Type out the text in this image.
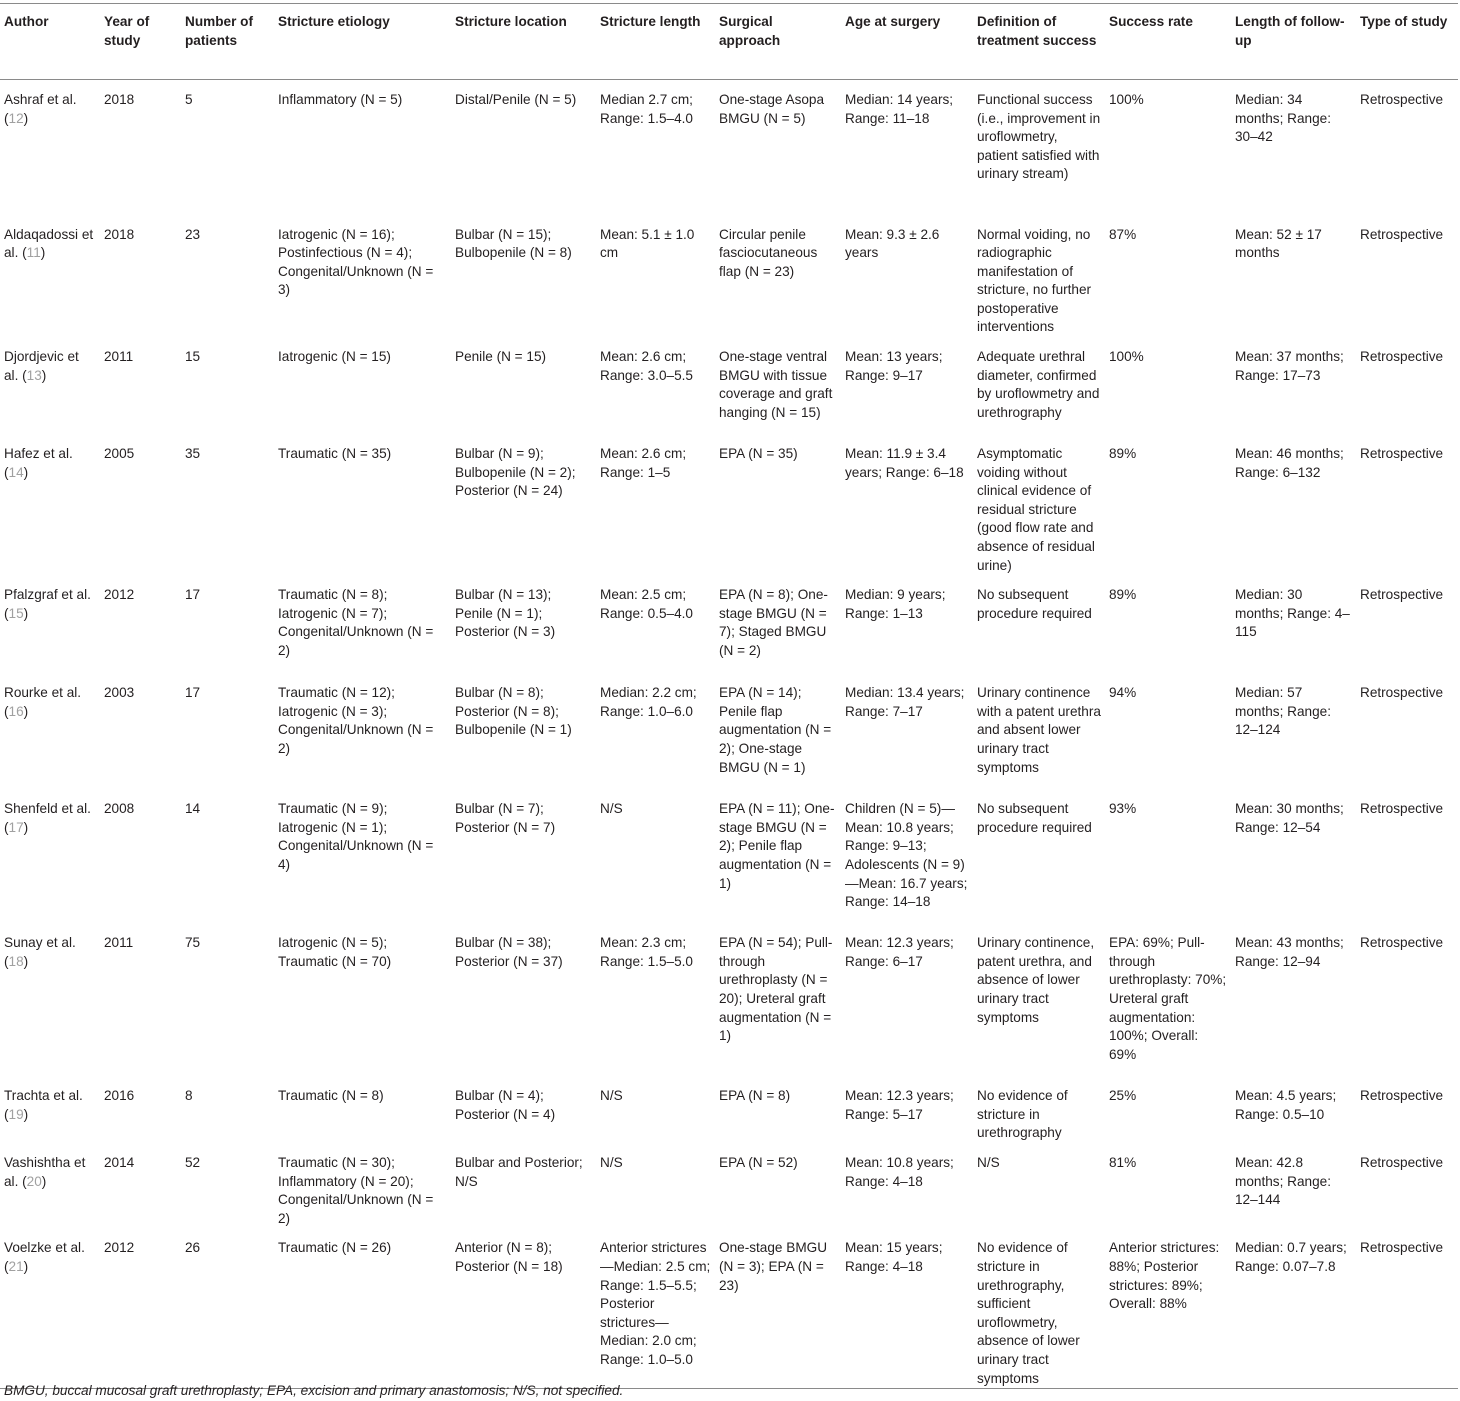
Author	Year of study	Number of patients	Stricture etiology	Stricture location	Stricture length	Surgical approach	Age at surgery	Definition of treatment success	Success rate	Length of follow-up	Type of study
Ashraf et al. (12)	2018	5	Inflammatory (N = 5)	Distal/Penile (N = 5)	Median 2.7 cm; Range: 1.5–4.0	One-stage Asopa BMGU (N = 5)	Median: 14 years; Range: 11–18	Functional success (i.e., improvement in uroflowmetry, patient satisfied with urinary stream)	100%	Median: 34 months; Range: 30–42	Retrospective
Aldaqadossi et al. (11)	2018	23	Iatrogenic (N = 16); Postinfectious (N = 4); Congenital/Unknown (N = 3)	Bulbar (N = 15); Bulbopenile (N = 8)	Mean: 5.1 ± 1.0 cm	Circular penile fasciocutaneous flap (N = 23)	Mean: 9.3 ± 2.6 years	Normal voiding, no radiographic manifestation of stricture, no further postoperative interventions	87%	Mean: 52 ± 17 months	Retrospective
Djordjevic et al. (13)	2011	15	Iatrogenic (N = 15)	Penile (N = 15)	Mean: 2.6 cm; Range: 3.0–5.5	One-stage ventral BMGU with tissue coverage and graft hanging (N = 15)	Mean: 13 years; Range: 9–17	Adequate urethral diameter, confirmed by uroflowmetry and urethrography	100%	Mean: 37 months; Range: 17–73	Retrospective
Hafez et al. (14)	2005	35	Traumatic (N = 35)	Bulbar (N = 9); Bulbopenile (N = 2); Posterior (N = 24)	Mean: 2.6 cm; Range: 1–5	EPA (N = 35)	Mean: 11.9 ± 3.4 years; Range: 6–18	Asymptomatic voiding without clinical evidence of residual stricture (good flow rate and absence of residual urine)	89%	Mean: 46 months; Range: 6–132	Retrospective
Pfalzgraf et al. (15)	2012	17	Traumatic (N = 8); Iatrogenic (N = 7); Congenital/Unknown (N = 2)	Bulbar (N = 13); Penile (N = 1); Posterior (N = 3)	Mean: 2.5 cm; Range: 0.5–4.0	EPA (N = 8); One-stage BMGU (N = 7); Staged BMGU (N = 2)	Median: 9 years; Range: 1–13	No subsequent procedure required	89%	Median: 30 months; Range: 4–115	Retrospective
Rourke et al. (16)	2003	17	Traumatic (N = 12); Iatrogenic (N = 3); Congenital/Unknown (N = 2)	Bulbar (N = 8); Posterior (N = 8); Bulbopenile (N = 1)	Median: 2.2 cm; Range: 1.0–6.0	EPA (N = 14); Penile flap augmentation (N = 2); One-stage BMGU (N = 1)	Median: 13.4 years; Range: 7–17	Urinary continence with a patent urethra and absent lower urinary tract symptoms	94%	Median: 57 months; Range: 12–124	Retrospective
Shenfeld et al. (17)	2008	14	Traumatic (N = 9); Iatrogenic (N = 1); Congenital/Unknown (N = 4)	Bulbar (N = 7); Posterior (N = 7)	N/S	EPA (N = 11); One-stage BMGU (N = 2); Penile flap augmentation (N = 1)	Children (N = 5)—Mean: 10.8 years; Range: 9–13; Adolescents (N = 9)—Mean: 16.7 years; Range: 14–18	No subsequent procedure required	93%	Mean: 30 months; Range: 12–54	Retrospective
Sunay et al. (18)	2011	75	Iatrogenic (N = 5); Traumatic (N = 70)	Bulbar (N = 38); Posterior (N = 37)	Mean: 2.3 cm; Range: 1.5–5.0	EPA (N = 54); Pull-through urethroplasty (N = 20); Ureteral graft augmentation (N = 1)	Mean: 12.3 years; Range: 6–17	Urinary continence, patent urethra, and absence of lower urinary tract symptoms	EPA: 69%; Pull-through urethroplasty: 70%; Ureteral graft augmentation: 100%; Overall: 69%	Mean: 43 months; Range: 12–94	Retrospective
Trachta et al. (19)	2016	8	Traumatic (N = 8)	Bulbar (N = 4); Posterior (N = 4)	N/S	EPA (N = 8)	Mean: 12.3 years; Range: 5–17	No evidence of stricture in urethrography	25%	Mean: 4.5 years; Range: 0.5–10	Retrospective
Vashishtha et al. (20)	2014	52	Traumatic (N = 30); Inflammatory (N = 20); Congenital/Unknown (N = 2)	Bulbar and Posterior; N/S	N/S	EPA (N = 52)	Mean: 10.8 years; Range: 4–18	N/S	81%	Mean: 42.8 months; Range: 12–144	Retrospective
Voelzke et al. (21)	2012	26	Traumatic (N = 26)	Anterior (N = 8); Posterior (N = 18)	Anterior strictures—Median: 2.5 cm; Range: 1.5–5.5; Posterior strictures—Median: 2.0 cm; Range: 1.0–5.0	One-stage BMGU (N = 3); EPA (N = 23)	Mean: 15 years; Range: 4–18	No evidence of stricture in urethrography, sufficient uroflowmetry, absence of lower urinary tract symptoms	Anterior strictures: 88%; Posterior strictures: 89%; Overall: 88%	Median: 0.7 years; Range: 0.07–7.8	Retrospective
BMGU, buccal mucosal graft urethroplasty; EPA, excision and primary anastomosis; N/S, not specified.
